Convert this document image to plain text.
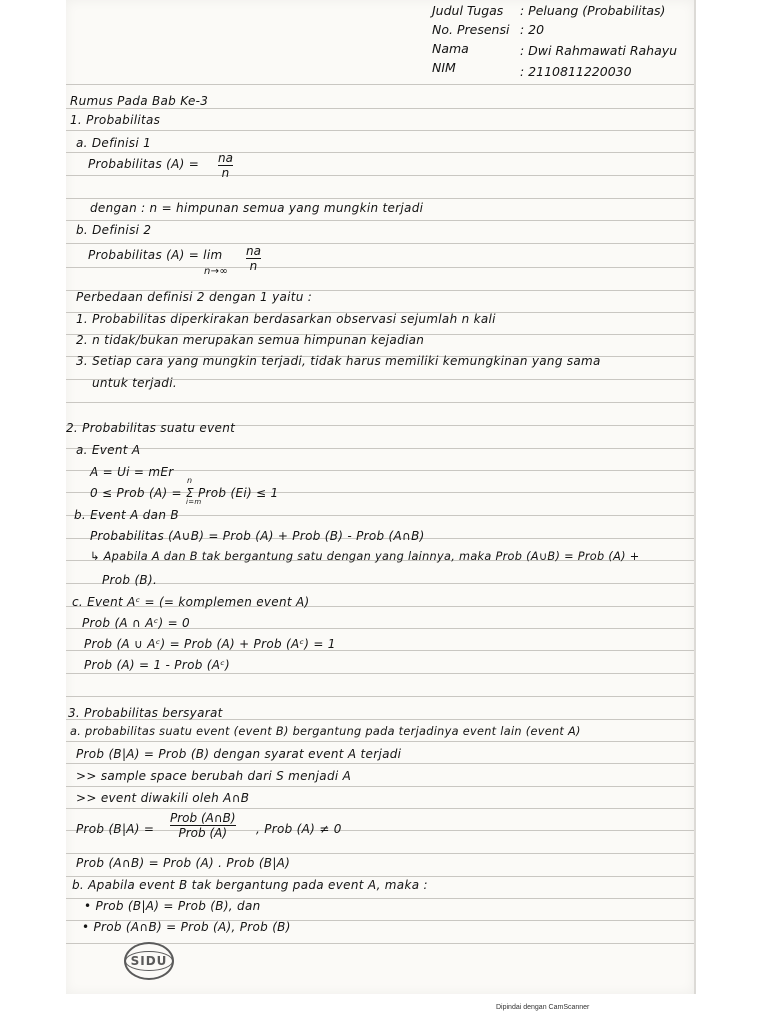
Judul Tugas : Peluang (Probabilitas)
No. Presensi : 20
Nama	: Dwi Rahmawati Rahayu
NIM	: 2110811220030
Rumus Pada Bab Ke-3
1. Probabilitas
a. Definisi 1
Probabilitas (A) = na
n
dengan : n = himpunan semua yang mungkin terjadi
b. Definisi 2
Probabilitas (A) = lim
n→∞
na
n
Perbedaan definisi 2 dengan 1 yaitu :
1. Probabilitas diperkirakan berdasarkan observasi sejumlah n kali
2. n tidak/bukan merupakan semua himpunan kejadian
3. Setiap cara yang mungkin terjadi, tidak harus memiliki kemungkinan yang sama
untuk terjadi.
2. Probabilitas suatu event
a. Event A
A = Ui = mEr
n
0 ≤ Prob (A) = Σ Prob (Ei) ≤ 1
i=m
b. Event A dan B
Probabilitas (A∪B) = Prob (A) + Prob (B) - Prob (A∩B)
↳ Apabila A dan B tak bergantung satu dengan yang lainnya, maka Prob (A∪B) = Prob (A) +
Prob (B).
c. Event Aᶜ = (= komplemen event A)
Prob (A ∩ Aᶜ) = 0
Prob (A ∪ Aᶜ) = Prob (A) + Prob (Aᶜ) = 1
Prob (A) = 1 - Prob (Aᶜ)
3. Probabilitas bersyarat
a. probabilitas suatu event (event B) bergantung pada terjadinya event lain (event A)
Prob (B|A) = Prob (B) dengan syarat event A terjadi
>> sample space berubah dari S menjadi A
>> event diwakili oleh A∩B
Prob (B|A) =
Prob (A∩B)
Prob (A) , Prob (A) ≠ 0
Prob (A∩B) = Prob (A) . Prob (B|A)
b. Apabila event B tak bergantung pada event A, maka :
• Prob (B|A) = Prob (B), dan
• Prob (A∩B) = Prob (A), Prob (B)
SIDU
Dipindai dengan CamScanner
